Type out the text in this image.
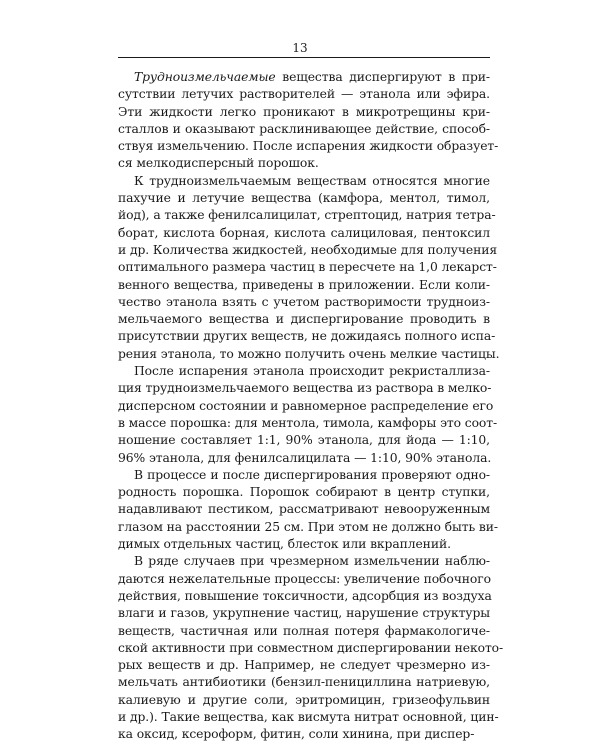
13
Трудноизмельчаемые вещества диспергируют в при-
сутствии летучих растворителей — этанола или эфира.
Эти жидкости легко проникают в микротрещины кри-
сталлов и оказывают расклинивающее действие, способ-
ствуя измельчению. После испарения жидкости образует-
ся мелкодисперсный порошок.
К трудноизмельчаемым веществам относятся многие
пахучие и летучие вещества (камфора, ментол, тимол,
йод), а также фенилсалицилат, стрептоцид, натрия тетра-
борат, кислота борная, кислота салициловая, пентоксил
и др. Количества жидкостей, необходимые для получения
оптимального размера частиц в пересчете на 1,0 лекарст-
венного вещества, приведены в приложении. Если коли-
чество этанола взять с учетом растворимости трудноиз-
мельчаемого вещества и диспергирование проводить в
присутствии других веществ, не дожидаясь полного испа-
рения этанола, то можно получить очень мелкие частицы.
После испарения этанола происходит рекристаллиза-
ция трудноизмельчаемого вещества из раствора в мелко-
дисперсном состоянии и равномерное распределение его
в массе порошка: для ментола, тимола, камфоры это соот-
ношение составляет 1:1, 90% этанола, для йода — 1:10,
96% этанола, для фенилсалицилата — 1:10, 90% этанола.
В процессе и после диспергирования проверяют одно-
родность порошка. Порошок собирают в центр ступки,
надавливают пестиком, рассматривают невооруженным
глазом на расстоянии 25 см. При этом не должно быть ви-
димых отдельных частиц, блесток или вкраплений.
В ряде случаев при чрезмерном измельчении наблю-
даются нежелательные процессы: увеличение побочного
действия, повышение токсичности, адсорбция из воздуха
влаги и газов, укрупнение частиц, нарушение структуры
веществ, частичная или полная потеря фармакологиче-
ской активности при совместном диспергировании некото-
рых веществ и др. Например, не следует чрезмерно из-
мельчать антибиотики (бензил-пенициллина натриевую,
калиевую и другие соли, эритромицин, гризеофульвин
и др.). Такие вещества, как висмута нитрат основной, цин-
ка оксид, ксероформ, фитин, соли хинина, при диспер-
